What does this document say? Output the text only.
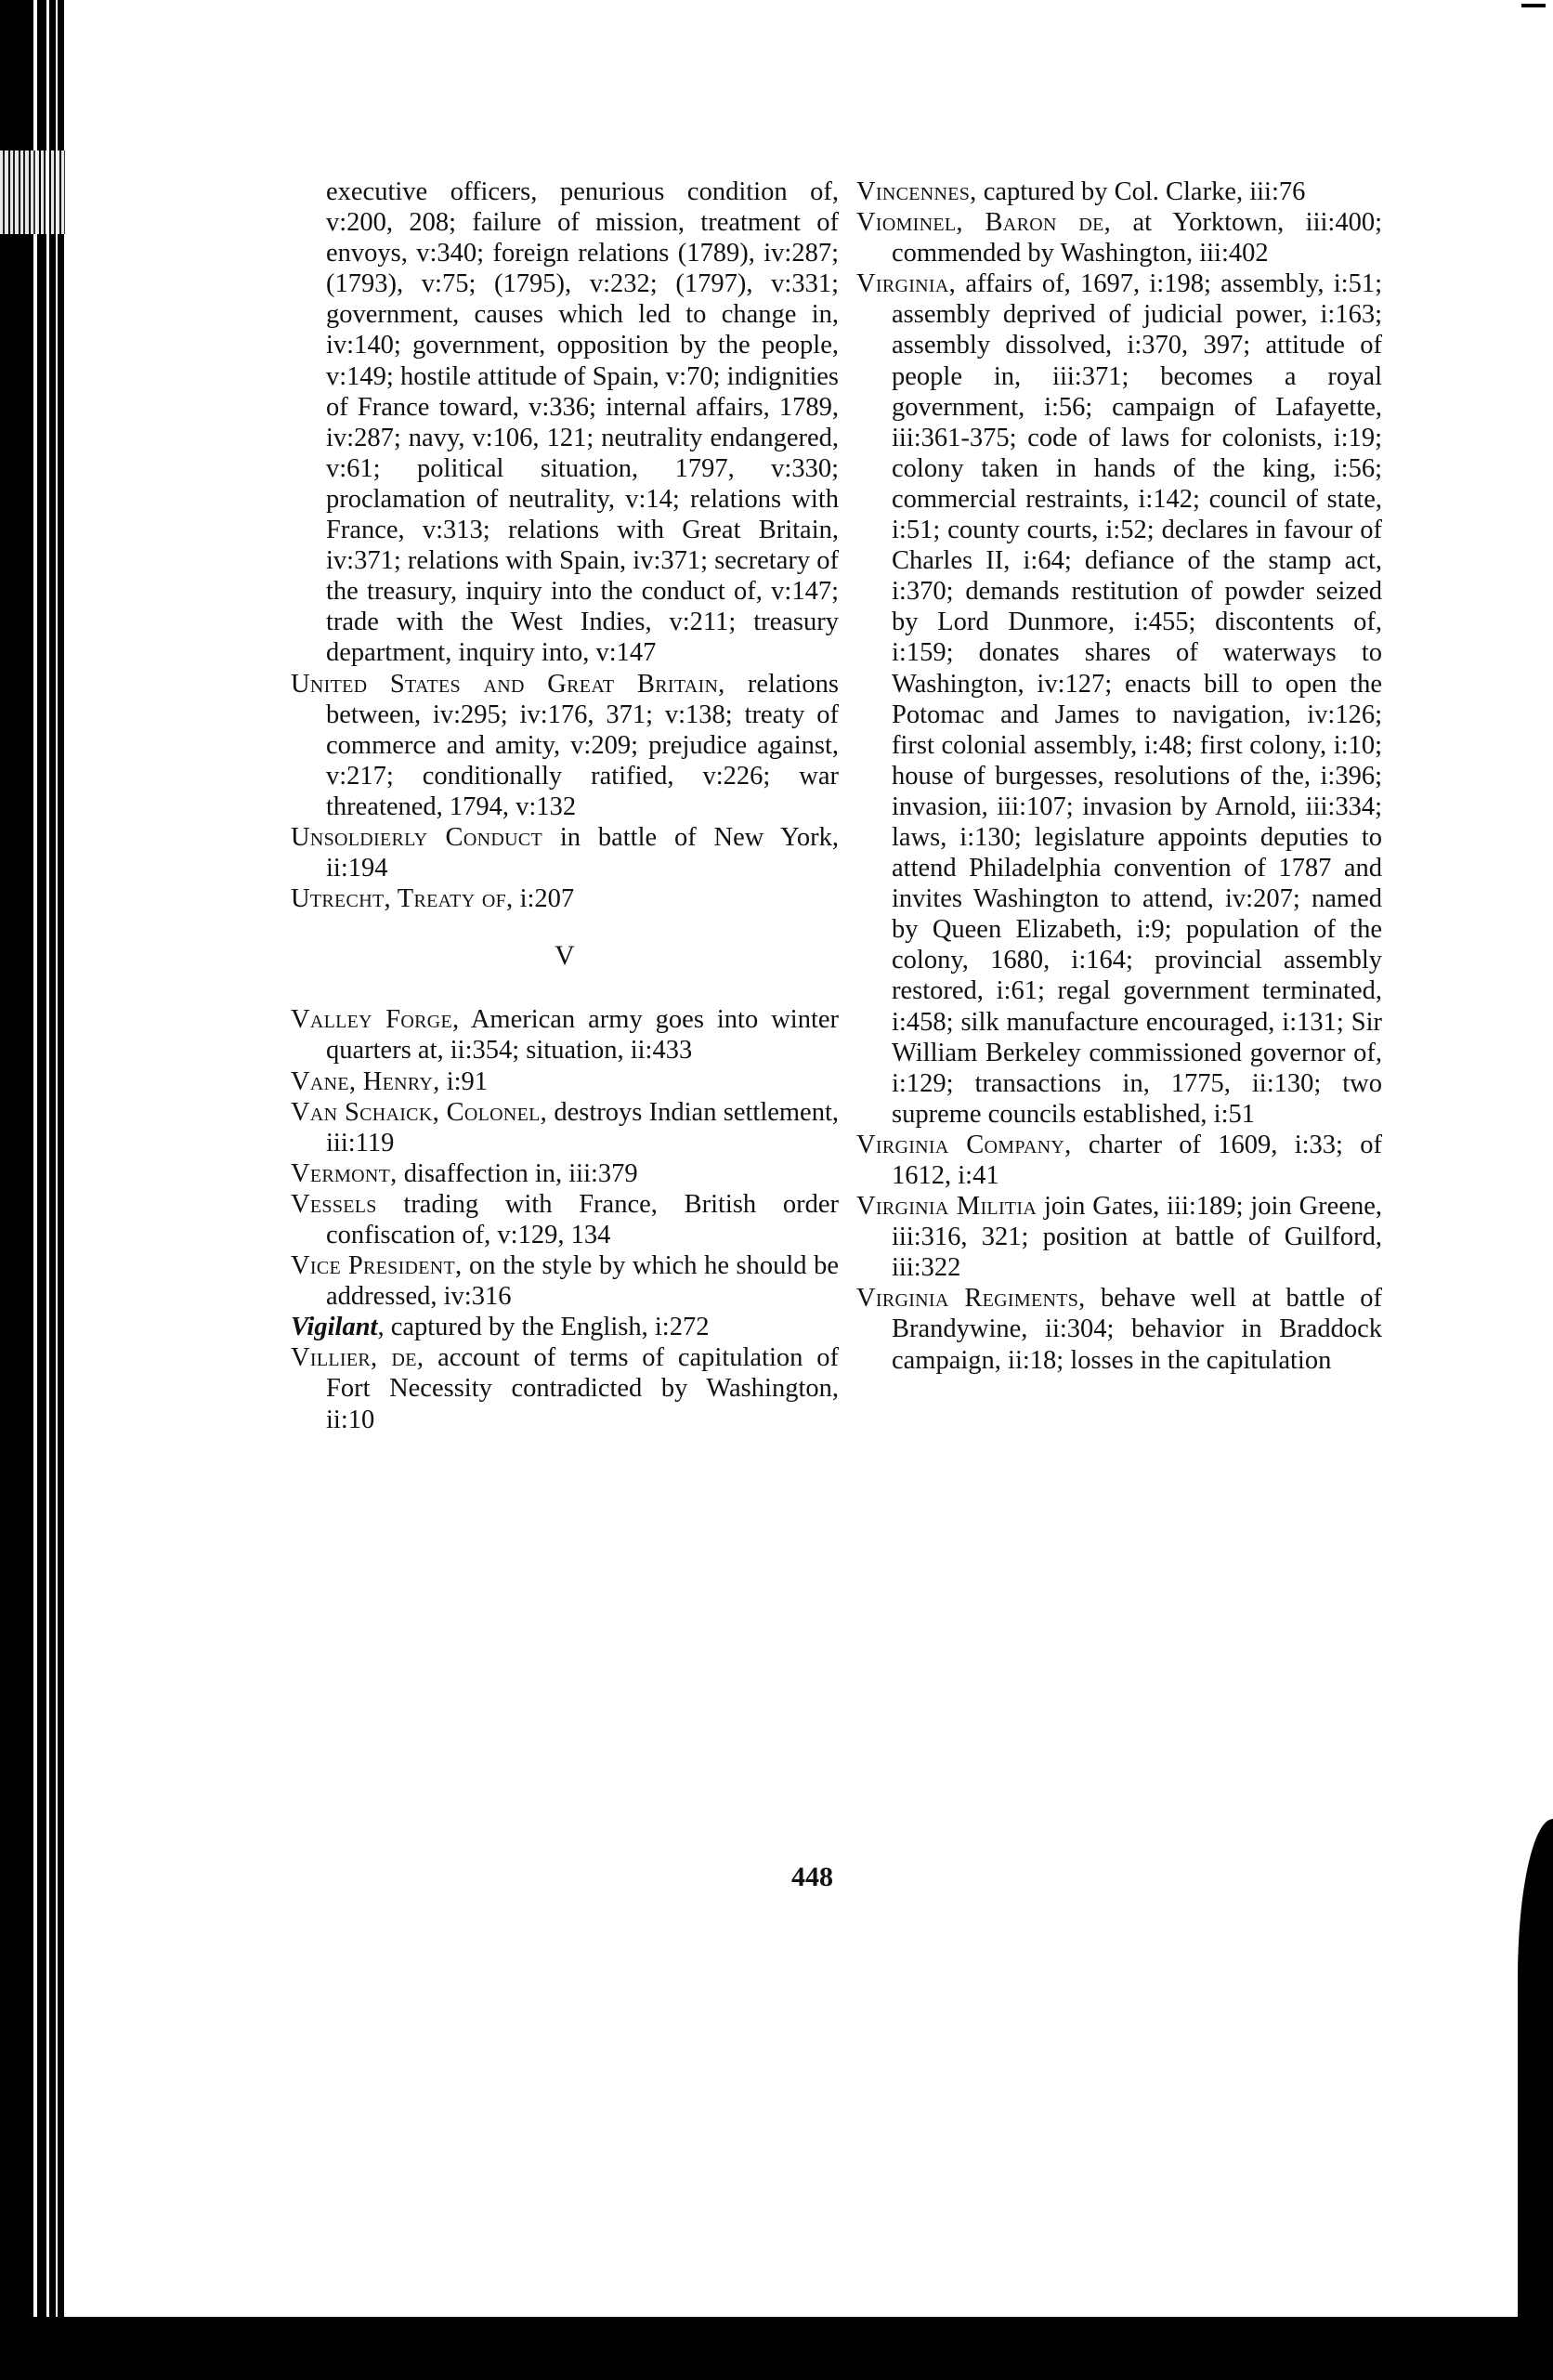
executive officers, penurious condition of, v:200, 208; failure of mission, treatment of envoys, v:340; foreign relations (1789), iv:287; (1793), v:75; (1795), v:232; (1797), v:331; government, causes which led to change in, iv:140; government, opposition by the people, v:149; hostile attitude of Spain, v:70; indignities of France toward, v:336; internal affairs, 1789, iv:287; navy, v:106, 121; neutrality endangered, v:61; political situation, 1797, v:330; proclamation of neutrality, v:14; relations with France, v:313; relations with Great Britain, iv:371; relations with Spain, iv:371; secretary of the treasury, inquiry into the conduct of, v:147; trade with the West Indies, v:211; treasury department, inquiry into, v:147
United States and Great Britain, relations between, iv:295; iv:176, 371; v:138; treaty of commerce and amity, v:209; prejudice against, v:217; conditionally ratified, v:226; war threatened, 1794, v:132
Unsoldierly Conduct in battle of New York, ii:194
Utrecht, Treaty of, i:207
V
Valley Forge, American army goes into winter quarters at, ii:354; situation, ii:433
Vane, Henry, i:91
Van Schaick, Colonel, destroys Indian settlement, iii:119
Vermont, disaffection in, iii:379
Vessels trading with France, British order confiscation of, v:129, 134
Vice President, on the style by which he should be addressed, iv:316
Vigilant, captured by the English, i:272
Villier, de, account of terms of capitulation of Fort Necessity contradicted by Washington, ii:10
Vincennes, captured by Col. Clarke, iii:76
Viominel, Baron de, at Yorktown, iii:400; commended by Washington, iii:402
Virginia, affairs of, 1697, i:198; assembly, i:51; assembly deprived of judicial power, i:163; assembly dissolved, i:370, 397; attitude of people in, iii:371; becomes a royal government, i:56; campaign of Lafayette, iii:361-375; code of laws for colonists, i:19; colony taken in hands of the king, i:56; commercial restraints, i:142; council of state, i:51; county courts, i:52; declares in favour of Charles II, i:64; defiance of the stamp act, i:370; demands restitution of powder seized by Lord Dunmore, i:455; discontents of, i:159; donates shares of waterways to Washington, iv:127; enacts bill to open the Potomac and James to navigation, iv:126; first colonial assembly, i:48; first colony, i:10; house of burgesses, resolutions of the, i:396; invasion, iii:107; invasion by Arnold, iii:334; laws, i:130; legislature appoints deputies to attend Philadelphia convention of 1787 and invites Washington to attend, iv:207; named by Queen Elizabeth, i:9; population of the colony, 1680, i:164; provincial assembly restored, i:61; regal government terminated, i:458; silk manufacture encouraged, i:131; Sir William Berkeley commissioned governor of, i:129; transactions in, 1775, ii:130; two supreme councils established, i:51
Virginia Company, charter of 1609, i:33; of 1612, i:41
Virginia Militia join Gates, iii:189; join Greene, iii:316, 321; position at battle of Guilford, iii:322
Virginia Regiments, behave well at battle of Brandywine, ii:304; behavior in Braddock campaign, ii:18; losses in the capitulation
448
